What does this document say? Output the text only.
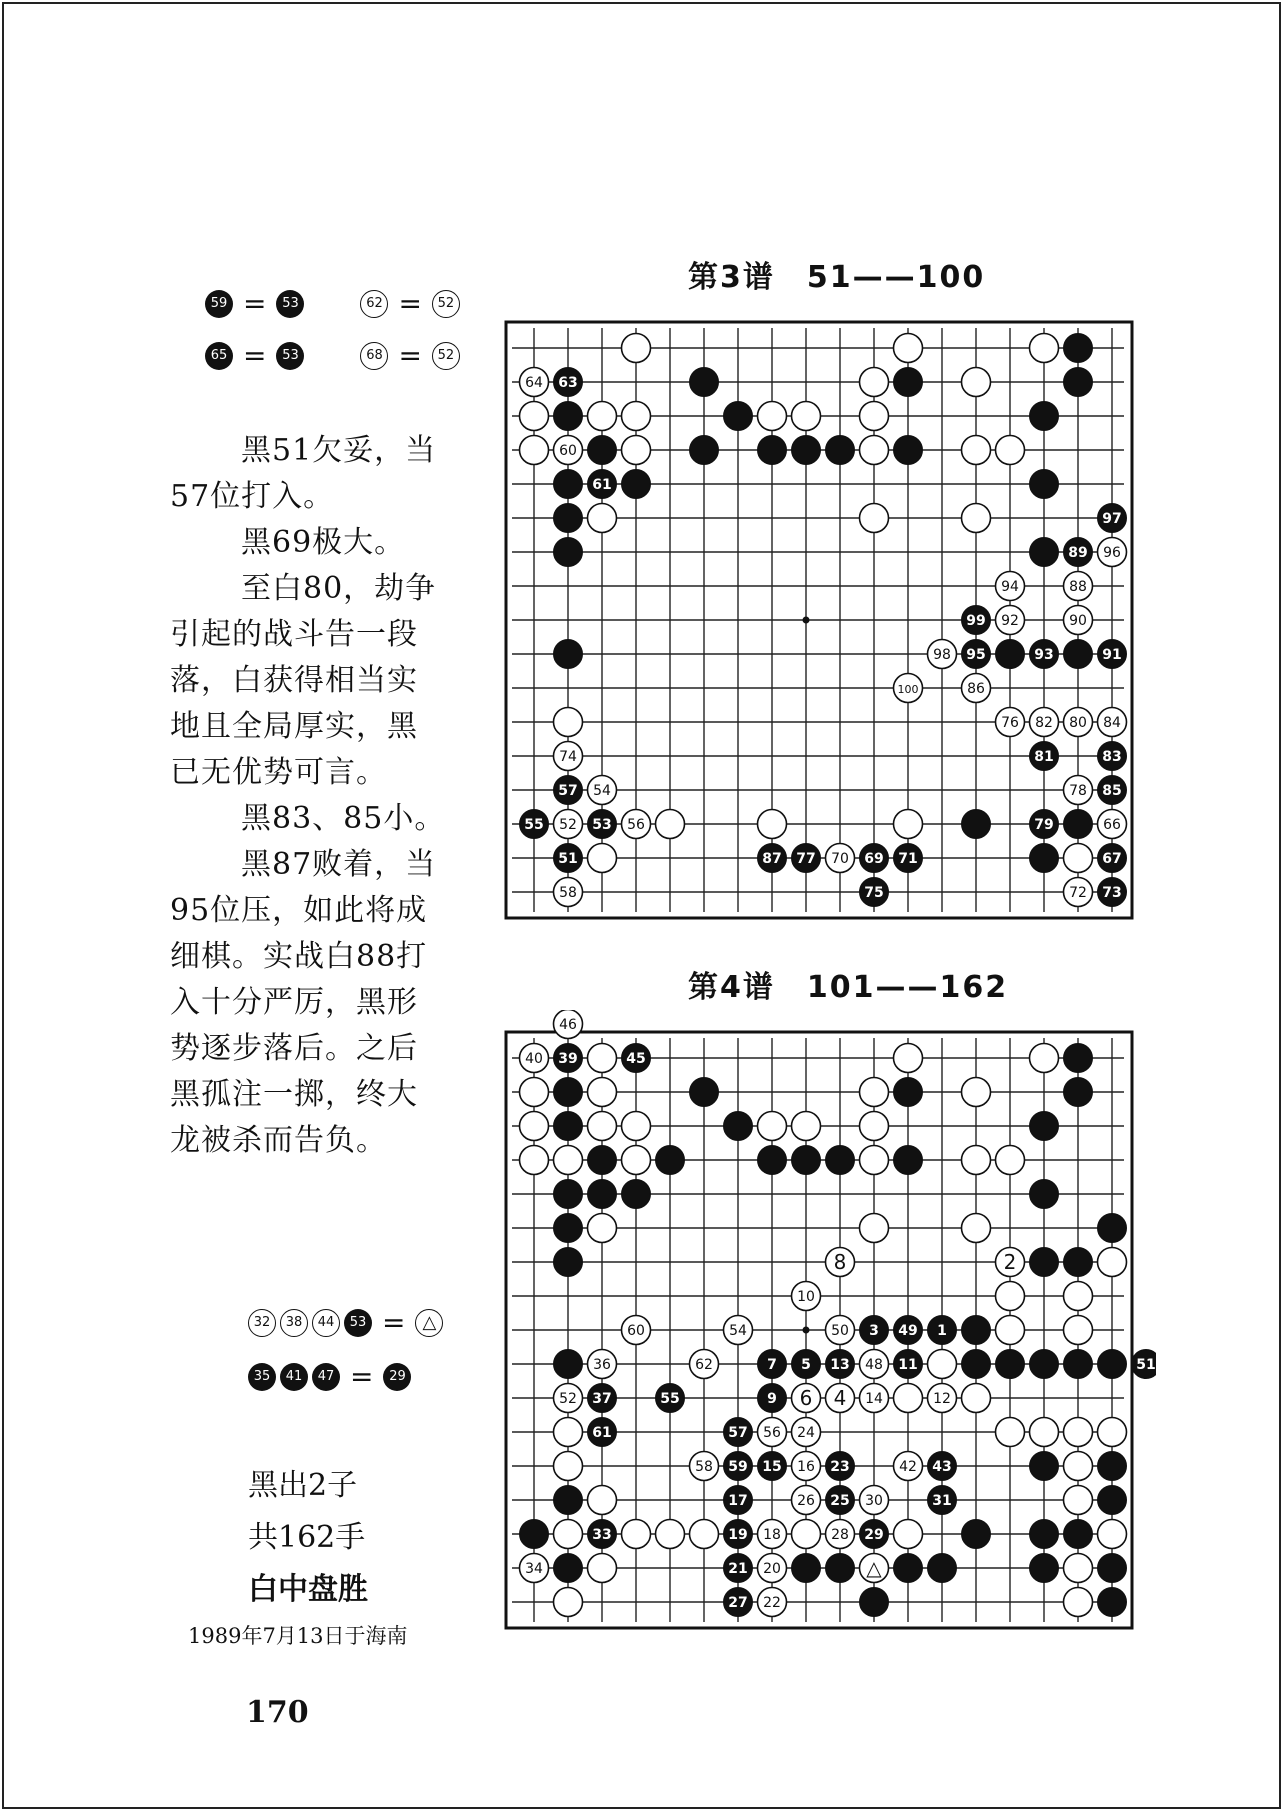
59 =	53	62 =	52
65 =	53	68 =	52

黑51欠妥，当

57位打入。

黑69极大。

至白80，劫争

引起的战斗告一段

落，白获得相当实

地且全局厚实，黑

已无优势可言。

黑83、85小。

黑87败着，当

95位压，如此将成

细棋。实战白88打

入十分严厉，黑形

势逐步落后。之后

黑孤注一掷，终大

龙被杀而告负。

32	38	44	53 = △
35	41	47 =	29
黑出2子
共162手
白中盘胜
1989年7月13日于海南
170
第3谱　51——100
64 63
60
61
97
89 96
94	88
99 92	90
98 95	93	91
100	86
76 82 80 84
74	81	83
57 54	78 85
55 52 53 56	79	66
51	87 77 70 69 71	67
58	75	72 73
第4谱　101——162
46
40 39	45
8	2
10
60	54	50 3 49 1
36	62	7 5 13 48 11	51
52 37	55	9 6 4 14	12
61	57 56 24
58 59 15 16 23	42 43
17	26 25 30	31
33	19 18	28 29
34	21 20	△
27 22
